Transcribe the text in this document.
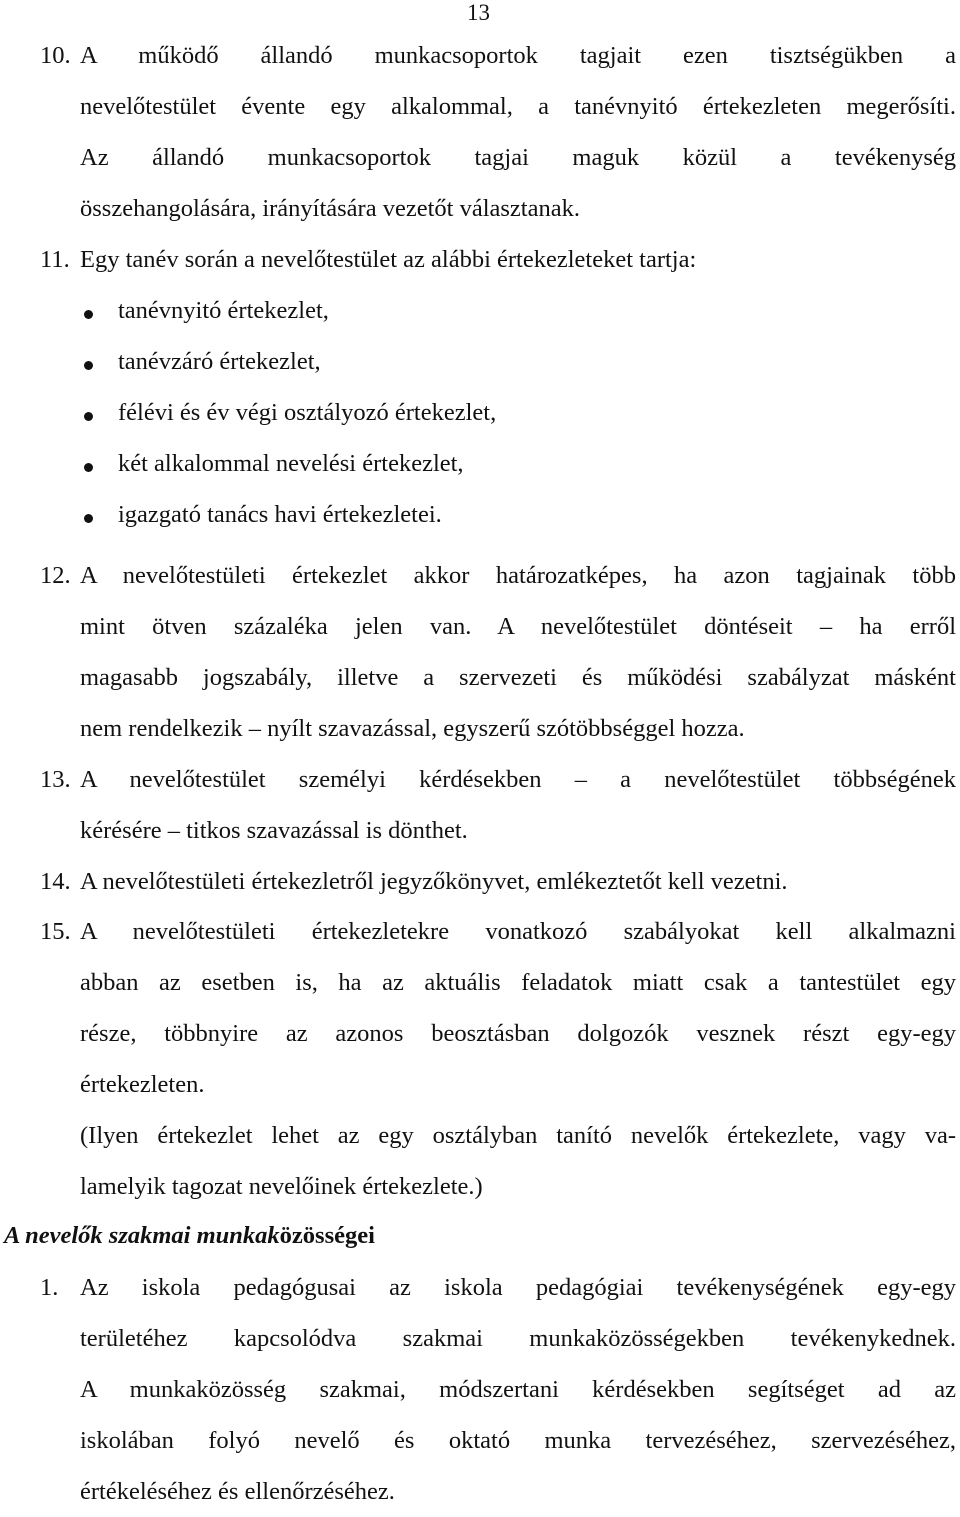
13
10. A működő állandó munkacsoportok tagjait ezen tisztségükben a
nevelőtestület évente egy alkalommal, a tanévnyitó értekezleten megerősíti.
Az állandó munkacsoportok tagjai maguk közül a tevékenység
összehangolására, irányítására vezetőt választanak.
11. Egy tanév során a nevelőtestület az alábbi értekezleteket tartja:
tanévnyitó értekezlet,
tanévzáró értekezlet,
félévi és év végi osztályozó értekezlet,
két alkalommal nevelési értekezlet,
igazgató tanács havi értekezletei.
12. A nevelőtestületi értekezlet akkor határozatképes, ha azon tagjainak több
mint ötven százaléka jelen van. A nevelőtestület döntéseit – ha erről
magasabb jogszabály, illetve a szervezeti és működési szabályzat másként
nem rendelkezik – nyílt szavazással, egyszerű szótöbbséggel hozza.
13. A nevelőtestület személyi kérdésekben – a nevelőtestület többségének
kérésére – titkos szavazással is dönthet.
14. A nevelőtestületi értekezletről jegyzőkönyvet, emlékeztetőt kell vezetni.
15. A nevelőtestületi értekezletekre vonatkozó szabályokat kell alkalmazni
abban az esetben is, ha az aktuális feladatok miatt csak a tantestület egy
része, többnyire az azonos beosztásban dolgozók vesznek részt egy-egy
értekezleten.
(Ilyen értekezlet lehet az egy osztályban tanító nevelők értekezlete, vagy va-
lamelyik tagozat nevelőinek értekezlete.)
A nevelők szakmai munkaközösségei
1. Az iskola pedagógusai az iskola pedagógiai tevékenységének egy-egy
területéhez kapcsolódva szakmai munkaközösségekben tevékenykednek.
A munkaközösség szakmai, módszertani kérdésekben segítséget ad az
iskolában folyó nevelő és oktató munka tervezéséhez, szervezéséhez,
értékeléséhez és ellenőrzéséhez.
